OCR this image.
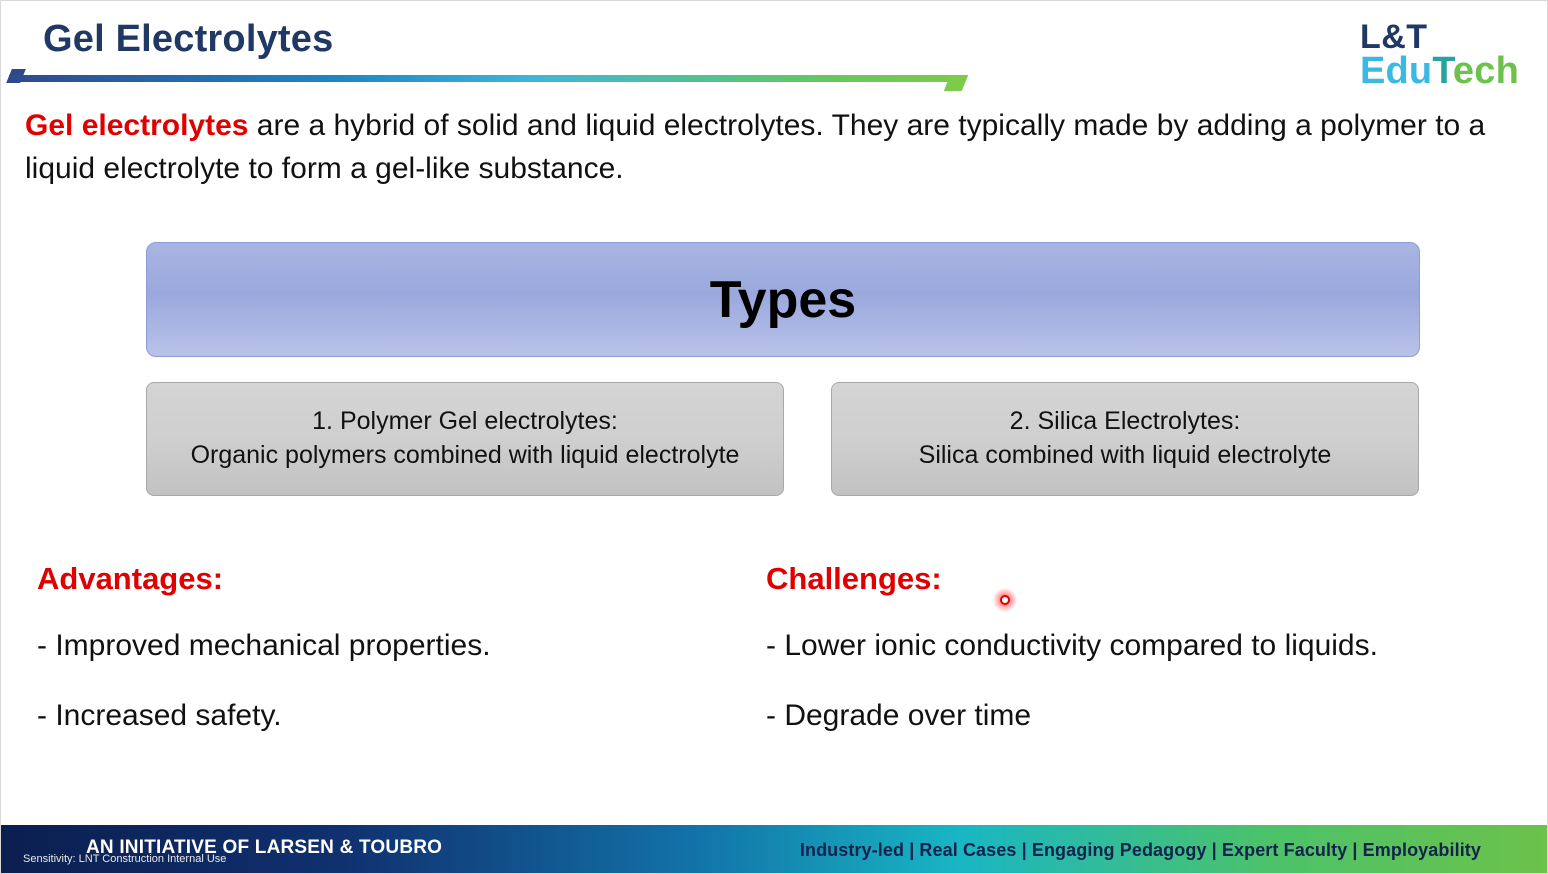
Gel Electrolytes	L&T
EduTech
Gel electrolytes are a hybrid of solid and liquid electrolytes. They are typically made by adding a polymer to a liquid electrolyte to form a gel-like substance.
Types
1. Polymer Gel electrolytes:
Organic polymers combined with liquid electrolyte
2. Silica Electrolytes:
Silica combined with liquid electrolyte
Advantages:
- Improved mechanical properties.
- Increased safety.
Challenges:
- Lower ionic conductivity compared to liquids.
- Degrade over time
AN INITIATIVE OF LARSEN & TOUBRO	Industry-led | Real Cases | Engaging Pedagogy | Expert Faculty | Employability
Sensitivity: LNT Construction Internal Use
